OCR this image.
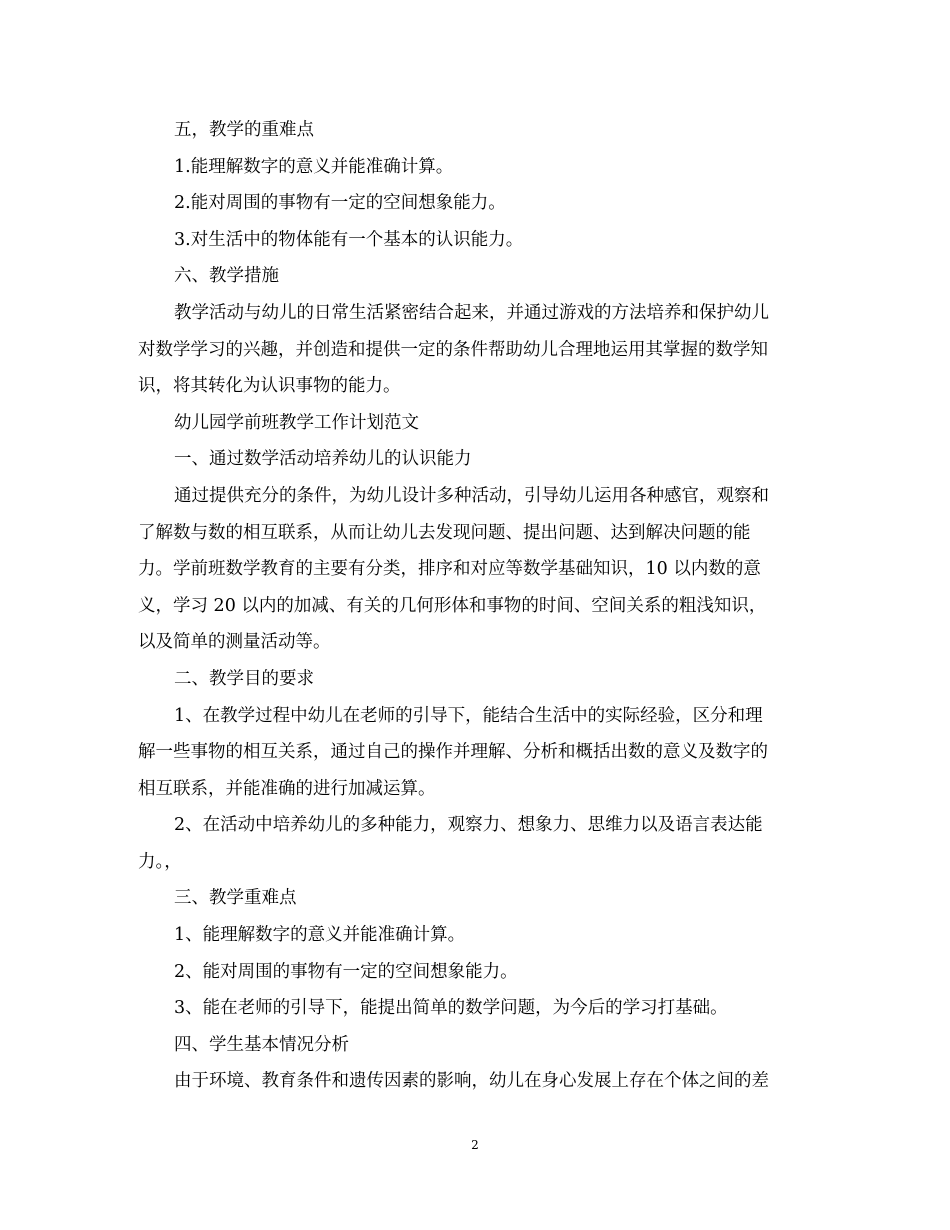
五，教学的重难点

1.能理解数字的意义并能准确计算。

2.能对周围的事物有一定的空间想象能力。

3.对生活中的物体能有一个基本的认识能力。

六、教学措施

教学活动与幼儿的日常生活紧密结合起来，并通过游戏的方法培养和保护幼儿

对数学学习的兴趣，并创造和提供一定的条件帮助幼儿合理地运用其掌握的数学知

识，将其转化为认识事物的能力。

幼儿园学前班教学工作计划范文

一、通过数学活动培养幼儿的认识能力

通过提供充分的条件，为幼儿设计多种活动，引导幼儿运用各种感官，观察和

了解数与数的相互联系，从而让幼儿去发现问题、提出问题、达到解决问题的能

力。学前班数学教育的主要有分类，排序和对应等数学基础知识，10 以内数的意

义，学习 20 以内的加减、有关的几何形体和事物的时间、空间关系的粗浅知识，

以及简单的测量活动等。

二、教学目的要求

1、在教学过程中幼儿在老师的引导下，能结合生活中的实际经验，区分和理

解一些事物的相互关系，通过自己的操作并理解、分析和概括出数的意义及数字的

相互联系，并能准确的进行加减运算。

2、在活动中培养幼儿的多种能力，观察力、想象力、思维力以及语言表达能

力。，

三、教学重难点

1、能理解数字的意义并能准确计算。

2、能对周围的事物有一定的空间想象能力。

3、能在老师的引导下，能提出简单的数学问题，为今后的学习打基础。

四、学生基本情况分析

由于环境、教育条件和遗传因素的影响，幼儿在身心发展上存在个体之间的差

2
